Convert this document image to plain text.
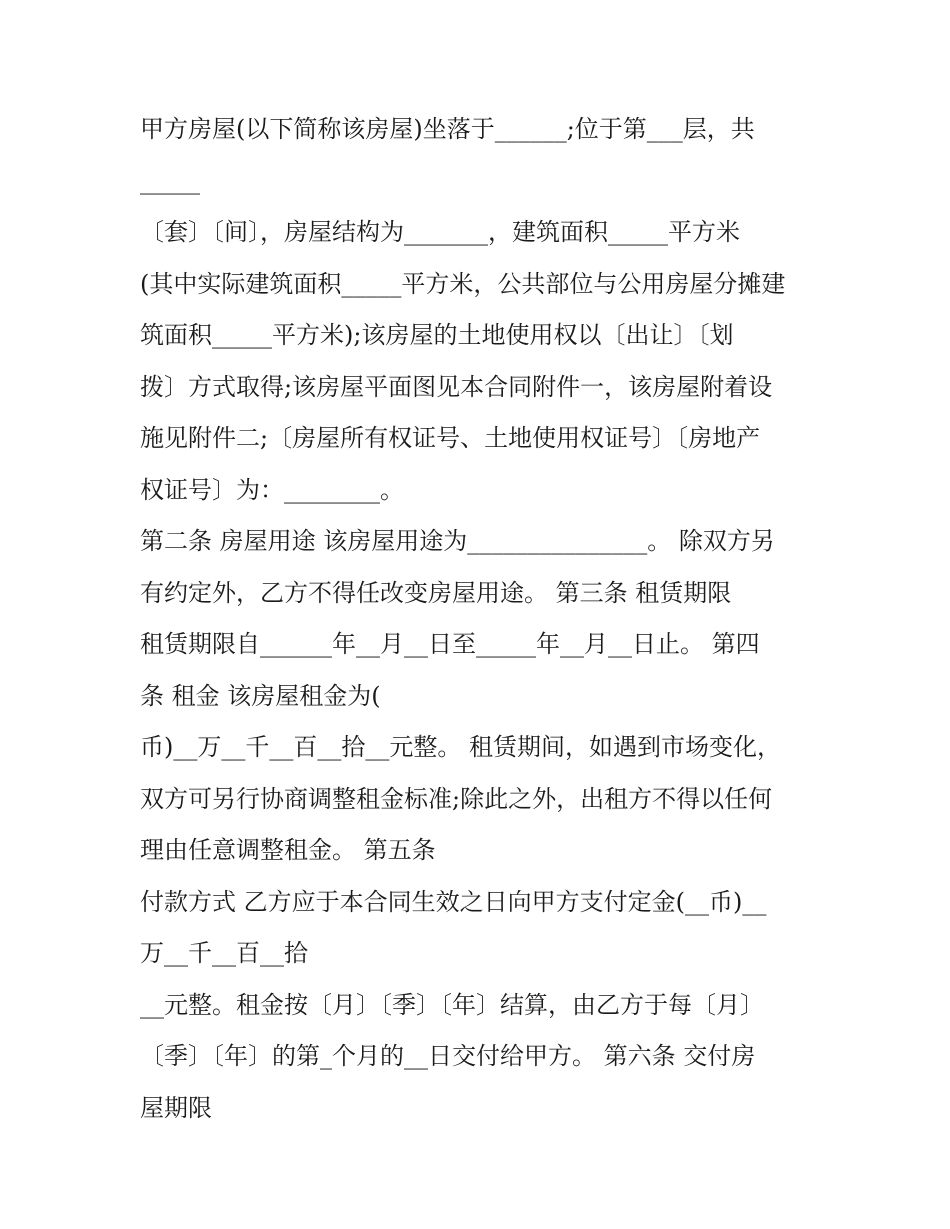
甲方房屋(以下简称该房屋)坐落于______;位于第___层，共
_____
〔套〕〔间〕，房屋结构为_______，建筑面积_____平方米
(其中实际建筑面积_____平方米，公共部位与公用房屋分摊建
筑面积_____平方米);该房屋的土地使用权以〔出让〕〔划
拨〕方式取得;该房屋平面图见本合同附件一，该房屋附着设
施见附件二;〔房屋所有权证号、土地使用权证号〕〔房地产
权证号〕为：________。
第二条 房屋用途 该房屋用途为_______________。 除双方另
有约定外，乙方不得任改变房屋用途。 第三条 租赁期限
租赁期限自______年__月__日至_____年__月__日止。 第四
条 租金 该房屋租金为(
币)__万__千__百__拾__元整。 租赁期间，如遇到市场变化，
双方可另行协商调整租金标准;除此之外，出租方不得以任何
理由任意调整租金。 第五条
付款方式 乙方应于本合同生效之日向甲方支付定金(__币)__
万__千__百__拾
__元整。租金按〔月〕〔季〕〔年〕结算，由乙方于每〔月〕
〔季〕〔年〕的第_个月的__日交付给甲方。 第六条 交付房
屋期限
